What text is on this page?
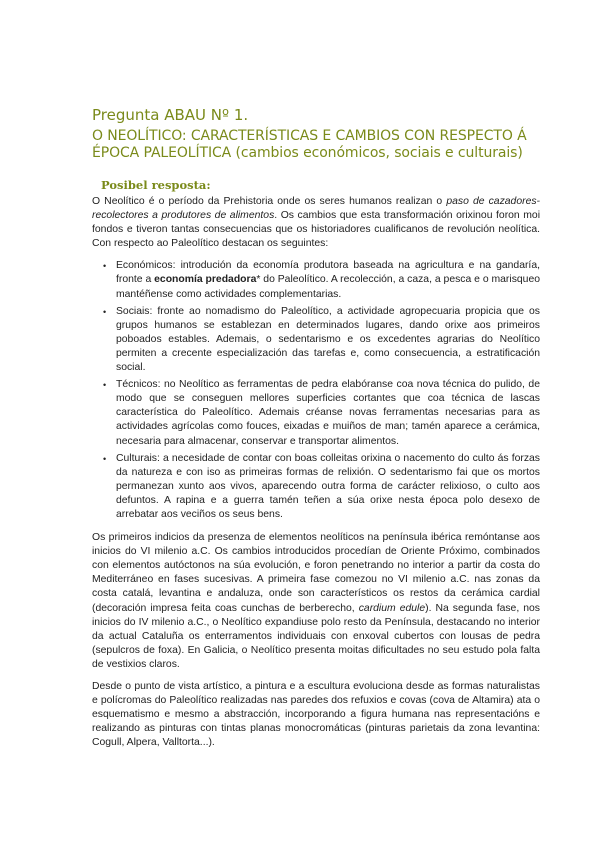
Pregunta ABAU Nº 1.

O NEOLÍTICO: CARACTERÍSTICAS E CAMBIOS CON RESPECTO Á ÉPOCA PALEOLÍTICA (cambios económicos, sociais e culturais)

Posibel resposta:

O Neolítico é o período da Prehistoria onde os seres humanos realizan o paso de cazadores-recolectores a produtores de alimentos. Os cambios que esta transformación orixinou foron moi fondos e tiveron tantas consecuencias que os historiadores cualificanos de revolución neolítica. Con respecto ao Paleolítico destacan os seguintes:

• Económicos: introdución da economía produtora baseada na agricultura e na gandaría, fronte a economía predadora* do Paleolítico. A recolección, a caza, a pesca e o marisqueo mantéñense como actividades complementarias.
• Sociais: fronte ao nomadismo do Paleolítico, a actividade agropecuaria propicia que os grupos humanos se establezan en determinados lugares, dando orixe aos primeiros poboados estables. Ademais, o sedentarismo e os excedentes agrarias do Neolítico permiten a crecente especialización das tarefas e, como consecuencia, a estratificación social.
• Técnicos: no Neolítico as ferramentas de pedra elabóranse coa nova técnica do pulido, de modo que se conseguen mellores superficies cortantes que coa técnica de lascas característica do Paleolítico. Ademais créanse novas ferramentas necesarias para as actividades agrícolas como fouces, eixadas e muiños de man; tamén aparece a cerámica, necesaria para almacenar, conservar e transportar alimentos.
• Culturais: a necesidade de contar con boas colleitas orixina o nacemento do culto ás forzas da natureza e con iso as primeiras formas de relixión. O sedentarismo fai que os mortos permanezan xunto aos vivos, aparecendo outra forma de carácter relixioso, o culto aos defuntos. A rapina e a guerra tamén teñen a súa orixe nesta época polo desexo de arrebatar aos veciños os seus bens.

Os primeiros indicios da presenza de elementos neolíticos na península ibérica remóntanse aos inicios do VI milenio a.C. Os cambios introducidos procedían de Oriente Próximo, combinados con elementos autóctonos na súa evolución, e foron penetrando no interior a partir da costa do Mediterráneo en fases sucesivas. A primeira fase comezou no VI milenio a.C. nas zonas da costa catalá, levantina e andaluza, onde son característicos os restos da cerámica cardial (decoración impresa feita coas cunchas de berberecho, cardium edule). Na segunda fase, nos inicios do IV milenio a.C., o Neolítico expandiuse polo resto da Península, destacando no interior da actual Cataluña os enterramentos individuais con enxoval cubertos con lousas de pedra (sepulcros de foxa). En Galicia, o Neolítico presenta moitas dificultades no seu estudo pola falta de vestixios claros.

Desde o punto de vista artístico, a pintura e a escultura evoluciona desde as formas naturalistas e polícromas do Paleolítico realizadas nas paredes dos refuxios e covas (cova de Altamira) ata o esquematismo e mesmo a abstracción, incorporando a figura humana nas representacións e realizando as pinturas con tintas planas monocromáticas (pinturas parietais da zona levantina: Cogull, Alpera, Valltorta...).
